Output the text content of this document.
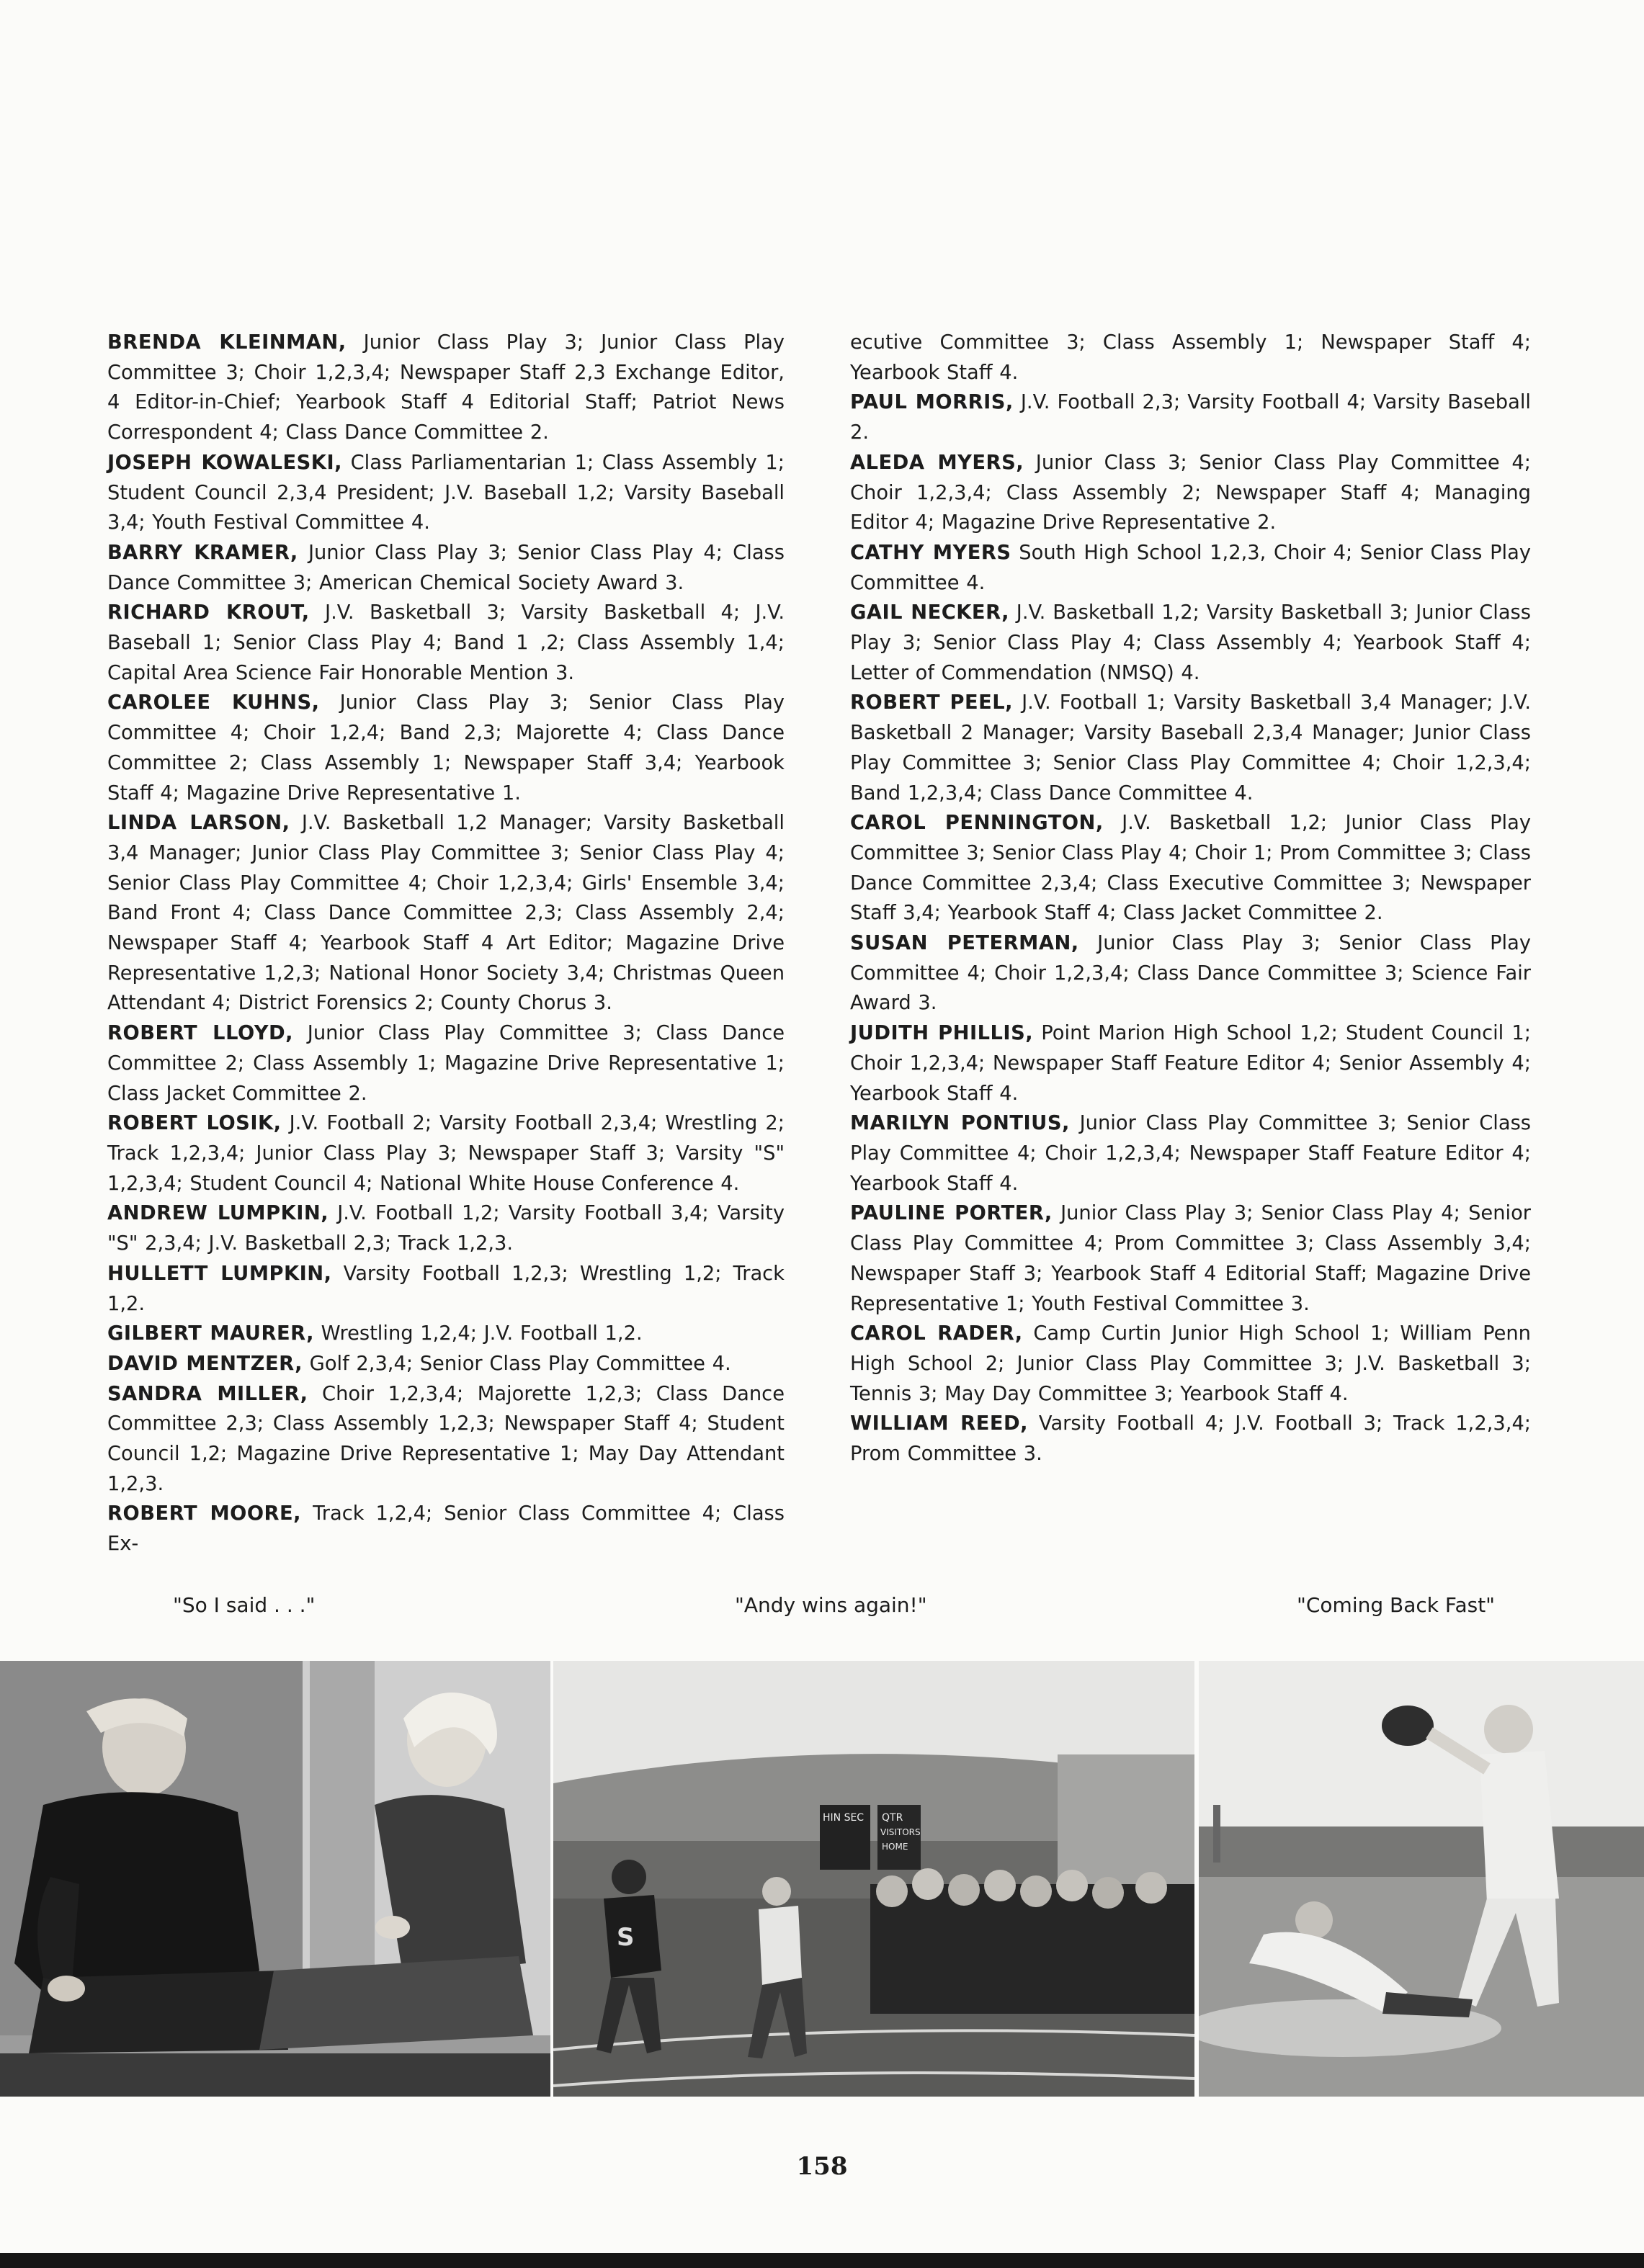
BRENDA KLEINMAN, Junior Class Play 3; Junior Class Play Committee 3; Choir 1,2,3,4; Newspaper Staff 2,3 Exchange Editor, 4 Editor-in-Chief; Yearbook Staff 4 Editorial Staff; Patriot News Correspondent 4; Class Dance Committee 2.

JOSEPH KOWALESKI, Class Parliamentarian 1; Class Assembly 1; Student Council 2,3,4 President; J.V. Baseball 1,2; Varsity Baseball 3,4; Youth Festival Committee 4.

BARRY KRAMER, Junior Class Play 3; Senior Class Play 4; Class Dance Committee 3; American Chemical Society Award 3.

RICHARD KROUT, J.V. Basketball 3; Varsity Basketball 4; J.V. Baseball 1; Senior Class Play 4; Band 1 ,2; Class Assembly 1,4; Capital Area Science Fair Honorable Mention 3.

CAROLEE KUHNS, Junior Class Play 3; Senior Class Play Committee 4; Choir 1,2,4; Band 2,3; Majorette 4; Class Dance Committee 2; Class Assembly 1; Newspaper Staff 3,4; Yearbook Staff 4; Magazine Drive Representative 1.

LINDA LARSON, J.V. Basketball 1,2 Manager; Varsity Basketball 3,4 Manager; Junior Class Play Committee 3; Senior Class Play 4; Senior Class Play Committee 4; Choir 1,2,3,4; Girls' Ensemble 3,4; Band Front 4; Class Dance Committee 2,3; Class Assembly 2,4; Newspaper Staff 4; Yearbook Staff 4 Art Editor; Magazine Drive Representative 1,2,3; National Honor Society 3,4; Christmas Queen Attendant 4; District Forensics 2; County Chorus 3.

ROBERT LLOYD, Junior Class Play Committee 3; Class Dance Committee 2; Class Assembly 1; Magazine Drive Representative 1; Class Jacket Committee 2.

ROBERT LOSIK, J.V. Football 2; Varsity Football 2,3,4; Wrestling 2; Track 1,2,3,4; Junior Class Play 3; Newspaper Staff 3; Varsity "S" 1,2,3,4; Student Council 4; National White House Conference 4.

ANDREW LUMPKIN, J.V. Football 1,2; Varsity Football 3,4; Varsity "S" 2,3,4; J.V. Basketball 2,3; Track 1,2,3.

HULLETT LUMPKIN, Varsity Football 1,2,3; Wrestling 1,2; Track 1,2.

GILBERT MAURER, Wrestling 1,2,4; J.V. Football 1,2.

DAVID MENTZER, Golf 2,3,4; Senior Class Play Committee 4.

SANDRA MILLER, Choir 1,2,3,4; Majorette 1,2,3; Class Dance Committee 2,3; Class Assembly 1,2,3; Newspaper Staff 4; Student Council 1,2; Magazine Drive Representative 1; May Day Attendant 1,2,3.

ROBERT MOORE, Track 1,2,4; Senior Class Committee 4; Class Ex-

ecutive Committee 3; Class Assembly 1; Newspaper Staff 4; Yearbook Staff 4.

PAUL MORRIS, J.V. Football 2,3; Varsity Football 4; Varsity Baseball 2.

ALEDA MYERS, Junior Class 3; Senior Class Play Committee 4; Choir 1,2,3,4; Class Assembly 2; Newspaper Staff 4; Managing Editor 4; Magazine Drive Representative 2.

CATHY MYERS South High School 1,2,3, Choir 4; Senior Class Play Committee 4.

GAIL NECKER, J.V. Basketball 1,2; Varsity Basketball 3; Junior Class Play 3; Senior Class Play 4; Class Assembly 4; Yearbook Staff 4; Letter of Commendation (NMSQ) 4.

ROBERT PEEL, J.V. Football 1; Varsity Basketball 3,4 Manager; J.V. Basketball 2 Manager; Varsity Baseball 2,3,4 Manager; Junior Class Play Committee 3; Senior Class Play Committee 4; Choir 1,2,3,4; Band 1,2,3,4; Class Dance Committee 4.

CAROL PENNINGTON, J.V. Basketball 1,2; Junior Class Play Committee 3; Senior Class Play 4; Choir 1; Prom Committee 3; Class Dance Committee 2,3,4; Class Executive Committee 3; Newspaper Staff 3,4; Yearbook Staff 4; Class Jacket Committee 2.

SUSAN PETERMAN, Junior Class Play 3; Senior Class Play Committee 4; Choir 1,2,3,4; Class Dance Committee 3; Science Fair Award 3.

JUDITH PHILLIS, Point Marion High School 1,2; Student Council 1; Choir 1,2,3,4; Newspaper Staff Feature Editor 4; Senior Assembly 4; Yearbook Staff 4.

MARILYN PONTIUS, Junior Class Play Committee 3; Senior Class Play Committee 4; Choir 1,2,3,4; Newspaper Staff Feature Editor 4; Yearbook Staff 4.

PAULINE PORTER, Junior Class Play 3; Senior Class Play 4; Senior Class Play Committee 4; Prom Committee 3; Class Assembly 3,4; Newspaper Staff 3; Yearbook Staff 4 Editorial Staff; Magazine Drive Representative 1; Youth Festival Committee 3.

CAROL RADER, Camp Curtin Junior High School 1; William Penn High School 2; Junior Class Play Committee 3; J.V. Basketball 3; Tennis 3; May Day Committee 3; Yearbook Staff 4.

WILLIAM REED, Varsity Football 4; J.V. Football 3; Track 1,2,3,4; Prom Committee 3.

"So I said . . ."	"Andy wins again!"	"Coming Back Fast"
HIN SEC QTR
VISITORS
HOME
S
158
